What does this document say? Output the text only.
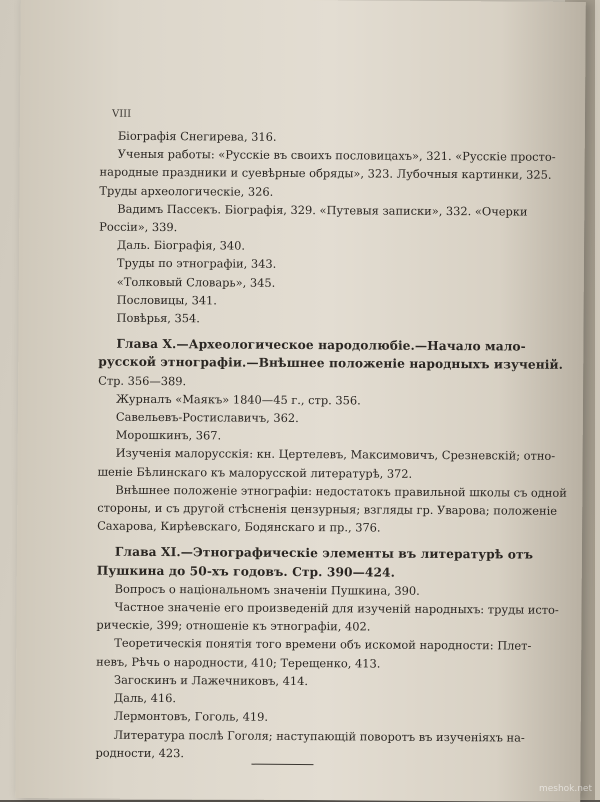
VIII
Біографія Снегирева, 316.
Ученыя работы: «Русскіе въ своихъ пословицахъ», 321. «Русскіе просто-
народные праздники и суевѣрные обряды», 323. Лубочныя картинки, 325.
Труды археологическіе, 326.
Вадимъ Пассекъ. Біографія, 329. «Путевыя записки», 332. «Очерки
Россіи», 339.
Даль. Біографія, 340.
Труды по этнографіи, 343.
«Толковый Словарь», 345.
Пословицы, 341.
Повѣрья, 354.
Глава X.—Археологическое народолюбіе.—Начало мало-
русской этнографіи.—Внѣшнее положеніе народныхъ изученій.
Стр. 356—389.
Журналъ «Маякъ» 1840—45 г., стр. 356.
Савельевъ-Ростиславичъ, 362.
Морошкинъ, 367.
Изученія малорусскія: кн. Цертелевъ, Максимовичъ, Срезневскій; отно-
шеніе Бѣлинскаго къ малорусской литературѣ, 372.
Внѣшнее положеніе этнографіи: недостатокъ правильной школы съ одной
стороны, и съ другой стѣсненія цензурныя; взгляды гр. Уварова; положеніе
Сахарова, Кирѣевскаго, Бодянскаго и пр., 376.
Глава XI.—Этнографическіе элементы въ литературѣ отъ
Пушкина до 50-хъ годовъ. Стр. 390—424.
Вопросъ о національномъ значеніи Пушкина, 390.
Частное значеніе его произведеній для изученій народныхъ: труды исто-
рическіе, 399; отношеніе къ этнографіи, 402.
Теоретическія понятія того времени объ искомой народности: Плет-
невъ, Рѣчь о народности, 410; Терещенко, 413.
Загоскинъ и Лажечниковъ, 414.
Даль, 416.
Лермонтовъ, Гоголь, 419.
Литература послѣ Гоголя; наступающій поворотъ въ изученіяхъ на-
родности, 423.
meshok.net
